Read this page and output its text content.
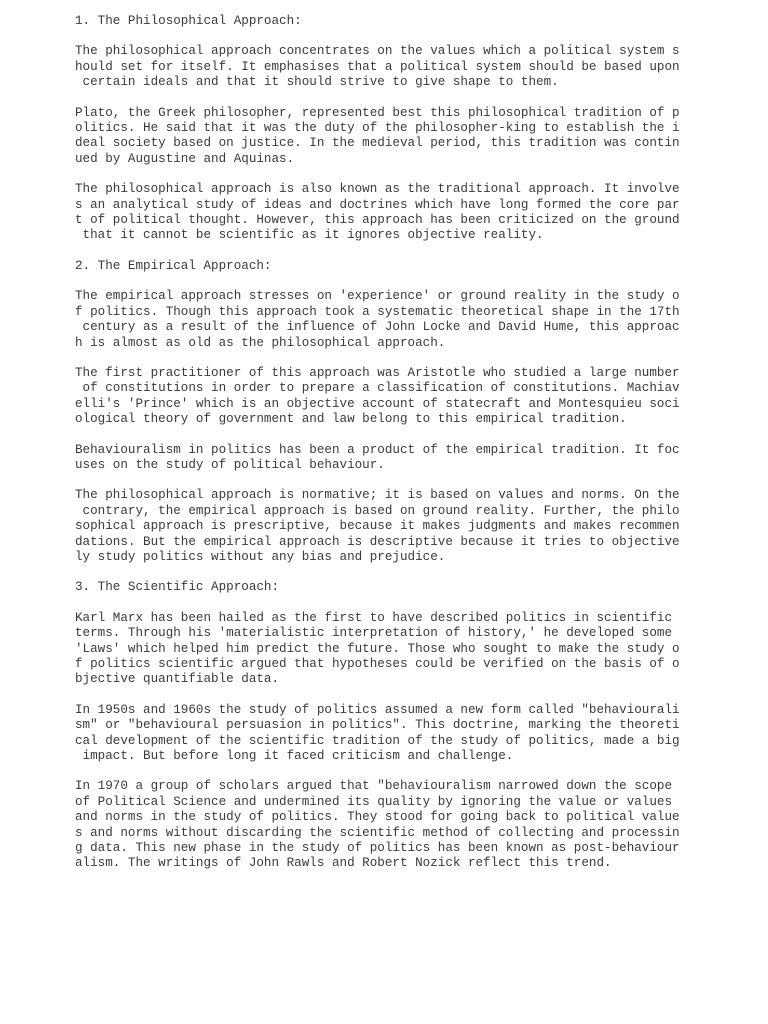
1. The Philosophical Approach:
The philosophical approach concentrates on the values which a political system s
hould set for itself. It emphasises that a political system should be based upon
certain ideals and that it should strive to give shape to them.
Plato, the Greek philosopher, represented best this philosophical tradition of p
olitics. He said that it was the duty of the philosopher-king to establish the i
deal society based on justice. In the medieval period, this tradition was contin
ued by Augustine and Aquinas.
The philosophical approach is also known as the traditional approach. It involve
s an analytical study of ideas and doctrines which have long formed the core par
t of political thought. However, this approach has been criticized on the ground
that it cannot be scientific as it ignores objective reality.
2. The Empirical Approach:
The empirical approach stresses on 'experience' or ground reality in the study o
f politics. Though this approach took a systematic theoretical shape in the 17th
century as a result of the influence of John Locke and David Hume, this approac
h is almost as old as the philosophical approach.
The first practitioner of this approach was Aristotle who studied a large number
of constitutions in order to prepare a classification of constitutions. Machiav
elli's 'Prince' which is an objective account of statecraft and Montesquieu soci
ological theory of government and law belong to this empirical tradition.
Behaviouralism in politics has been a product of the empirical tradition. It foc
uses on the study of political behaviour.
The philosophical approach is normative; it is based on values and norms. On the
contrary, the empirical approach is based on ground reality. Further, the philo
sophical approach is prescriptive, because it makes judgments and makes recommen
dations. But the empirical approach is descriptive because it tries to objective
ly study politics without any bias and prejudice.
3. The Scientific Approach:
Karl Marx has been hailed as the first to have described politics in scientific
terms. Through his 'materialistic interpretation of history,' he developed some
'Laws' which helped him predict the future. Those who sought to make the study o
f politics scientific argued that hypotheses could be verified on the basis of o
bjective quantifiable data.
In 1950s and 1960s the study of politics assumed a new form called "behaviourali
sm" or "behavioural persuasion in politics". This doctrine, marking the theoreti
cal development of the scientific tradition of the study of politics, made a big
impact. But before long it faced criticism and challenge.
In 1970 a group of scholars argued that "behaviouralism narrowed down the scope
of Political Science and undermined its quality by ignoring the value or values
and norms in the study of politics. They stood for going back to political value
s and norms without discarding the scientific method of collecting and processin
g data. This new phase in the study of politics has been known as post-behaviour
alism. The writings of John Rawls and Robert Nozick reflect this trend.
